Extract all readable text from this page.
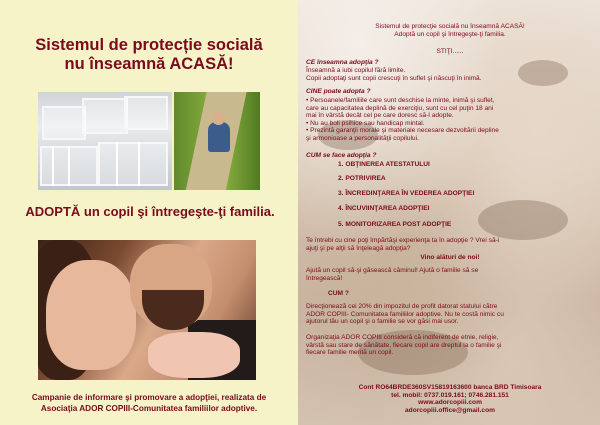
Sistemul de protecție socială
nu înseamnă ACASĂ!
ADOPTĂ un copil şi întregeşte-ţi familia.
Campanie de informare şi promovare a adopţiei, realizata de
Asociaţia ADOR COPIII-Comunitatea familiilor adoptive.
Sistemul de protecţie socială nu înseamnă ACASĂ!
Adoptă un copil şi întregeşte-ţi familia.
STIŢI......
CE înseamna adopţia ?
Înseamnă a iubi copilul fără limite.
Copii adoptaţi sunt copii crescuţi în suflet şi născuţi în inimă.
CINE poate adopta ?
• Persoanele/familiile care sunt deschise la minte, inimă şi suflet,
care au capacitatea deplină de exerciţiu, sunt cu cel puţin 18 ani
mai în vârstă decât cel pe care doresc să-l adopte.
• Nu au boli psihice sau handicap mintal.
• Prezintă garanţii morale şi materiale necesare dezvoltării depline
şi armonioase a personalităţii copilului.
CUM se face adopţia ?
1. OBŢINEREA ATESTATULUI
2. POTRIVIREA
3. ÎNCREDINŢAREA ÎN VEDEREA ADOPŢIEI
4. ÎNCUVIINŢAREA ADOPŢIEI
5. MONITORIZAREA POST ADOPŢIE
Te întrebi cu cine poţi împărtăşi experienţa ta în adopţie ? Vrei să-i
ajuţi şi pe alţii să înţeleagă adopţia?
Vino alături de noi!
Ajută un copil să-şi găsească căminul! Ajută o familie să se
întregească!
CUM ?
Direcţionează cei 20% din impozitul de profit datorat statului către
ADOR COPIII- Comunitatea familiilor adoptive. Nu te costă nimic cu
ajutorul tău un copil şi o familie se vor găsi mai usor.
Organizaţia ADOR COPIII consideră că indiferent de etnie, religie,
vârstă sau stare de sănătate, fiecare copil are dreptul la o familie şi
fiecare familie merită un copil.
Cont RO64BRDE360SV15819163600 banca BRD Timisoara
tel. mobil: 0737.019.161; 0746.281.151
www.adorcopiii.com
adorcopiii.office@gmail.com
